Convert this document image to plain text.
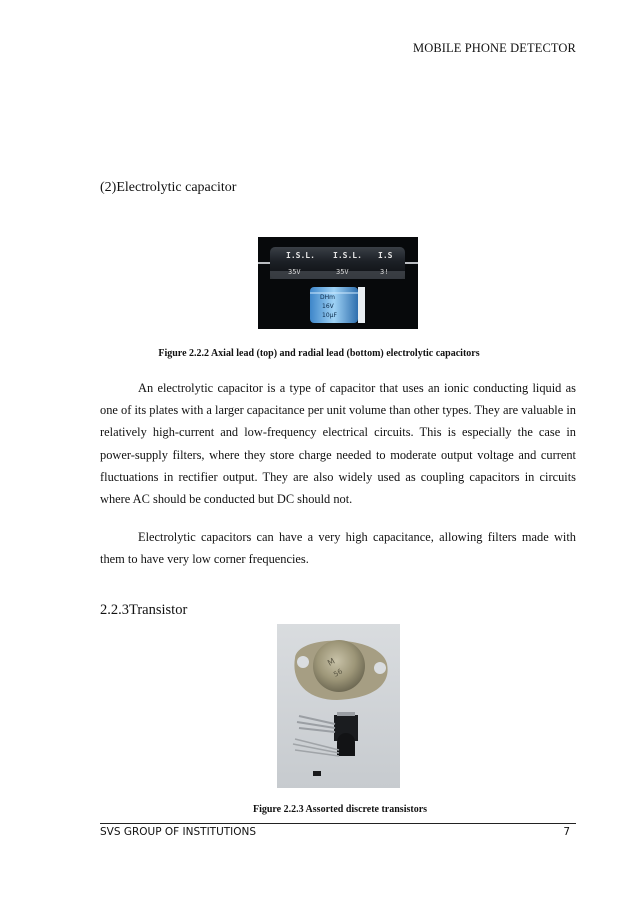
MOBILE PHONE DETECTOR
(2)Electrolytic capacitor
I.S.L. I.S.L. I.S
35V	35V	3!
DHm
16V
10µF
Figure 2.2.2 Axial lead (top) and radial lead (bottom) electrolytic capacitors

An electrolytic capacitor is a type of capacitor that uses an ionic conducting liquid as one of its plates with a larger capacitance per unit volume than other types. They are valuable in relatively high-current and low-frequency electrical circuits. This is especially the case in power-supply filters, where they store charge needed to moderate output voltage and current fluctuations in rectifier output. They are also widely used as coupling capacitors in circuits where AC should be conducted but DC should not.

Electrolytic capacitors can have a very high capacitance, allowing filters made with them to have very low corner frequencies.

2.2.3Transistor
M
56
Figure 2.2.3 Assorted discrete transistors
SVS GROUP OF INSTITUTIONS	7
